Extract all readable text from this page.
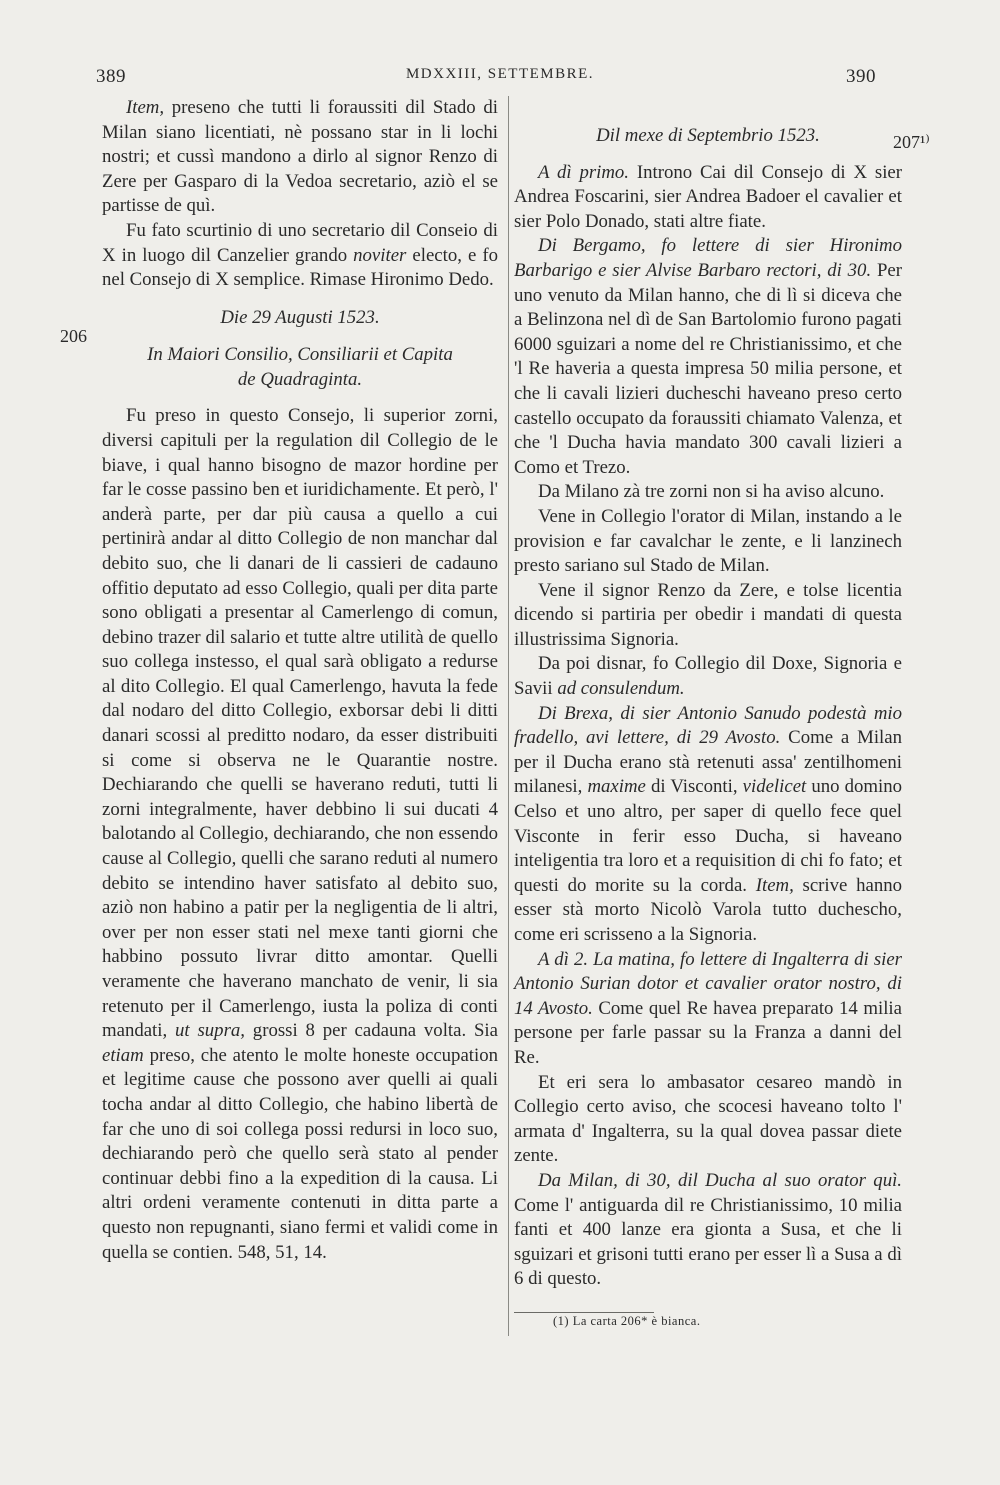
389	MDXXIII, SETTEMBRE.	390
206
207¹⁾

Item, preseno che tutti li foraussiti dil Stado di Milan siano licentiati, nè possano star in li lochi nostri; et cussì mandono a dirlo al signor Renzo di Zere per Gasparo di la Vedoa secretario, aziò el se partisse de quì.

Fu fato scurtinio di uno secretario dil Conseio di X in luogo dil Canzelier grando noviter electo, e fo nel Consejo di X semplice. Rimase Hironimo Dedo.

Die 29 Augusti 1523.

In Maiori Consilio, Consiliarii et Capita
de Quadraginta.

Fu preso in questo Consejo, li superior zorni, diversi capituli per la regulation dil Collegio de le biave, i qual hanno bisogno de mazor hordine per far le cosse passino ben et iuridichamente. Et però, l' anderà parte, per dar più causa a quello a cui pertinirà andar al ditto Collegio de non manchar dal debito suo, che li danari de li cassieri de cadauno offitio deputato ad esso Collegio, quali per dita parte sono obligati a presentar al Camerlengo di comun, debino trazer dil salario et tutte altre utilità de quello suo collega instesso, el qual sarà obligato a redurse al dito Collegio. El qual Camerlengo, havuta la fede dal nodaro del ditto Collegio, exborsar debi li ditti danari scossi al preditto nodaro, da esser distribuiti si come si observa ne le Quarantie nostre. Dechiarando che quelli se haverano reduti, tutti li zorni integralmente, haver debbino li sui ducati 4 balotando al Collegio, dechiarando, che non essendo cause al Collegio, quelli che sarano reduti al numero debito se intendino haver satisfato al debito suo, aziò non habino a patir per la negligentia de li altri, over per non esser stati nel mexe tanti giorni che habbino possuto livrar ditto amontar. Quelli veramente che haverano manchato de venir, li sia retenuto per il Camerlengo, iusta la poliza di conti mandati, ut supra, grossi 8 per cadauna volta. Sia etiam preso, che atento le molte honeste occupation et legitime cause che possono aver quelli ai quali tocha andar al ditto Collegio, che habino libertà de far che uno di soi collega possi redursi in loco suo, dechiarando però che quello serà stato al pender continuar debbi fino a la expedition di la causa. Li altri ordeni veramente contenuti in ditta parte a questo non repugnanti, siano fermi et validi come in quella se contien. 548, 51, 14.

Dil mexe di Septembrio 1523.

A dì primo. Introno Cai dil Consejo di X sier Andrea Foscarini, sier Andrea Badoer el cavalier et sier Polo Donado, stati altre fiate.

Di Bergamo, fo lettere di sier Hironimo Barbarigo e sier Alvise Barbaro rectori, di 30. Per uno venuto da Milan hanno, che di lì si diceva che a Belinzona nel dì de San Bartolomio furono pagati 6000 sguizari a nome del re Christianissimo, et che 'l Re haveria a questa impresa 50 milia persone, et che li cavali lizieri ducheschi haveano preso certo castello occupato da foraussiti chiamato Valenza, et che 'l Ducha havia mandato 300 cavali lizieri a Como et Trezo.

Da Milano zà tre zorni non si ha aviso alcuno.

Vene in Collegio l'orator di Milan, instando a le provision e far cavalchar le zente, e li lanzinech presto sariano sul Stado de Milan.

Vene il signor Renzo da Zere, e tolse licentia dicendo si partiria per obedir i mandati di questa illustrissima Signoria.

Da poi disnar, fo Collegio dil Doxe, Signoria e Savii ad consulendum.

Di Brexa, di sier Antonio Sanudo podestà mio fradello, avi lettere, di 29 Avosto. Come a Milan per il Ducha erano stà retenuti assa' zentilhomeni milanesi, maxime di Visconti, videlicet uno domino Celso et uno altro, per saper di quello fece quel Visconte in ferir esso Ducha, si haveano inteligentia tra loro et a requisition di chi fo fato; et questi do morite su la corda. Item, scrive hanno esser stà morto Nicolò Varola tutto duchescho, come eri scrisseno a la Signoria.

A dì 2. La matina, fo lettere di Ingalterra di sier Antonio Surian dotor et cavalier orator nostro, di 14 Avosto. Come quel Re havea preparato 14 milia persone per farle passar su la Franza a danni del Re.

Et eri sera lo ambasator cesareo mandò in Collegio certo aviso, che scocesi haveano tolto l' armata d' Ingalterra, su la qual dovea passar diete zente.

Da Milan, di 30, dil Ducha al suo orator quì. Come l' antiguarda dil re Christianissimo, 10 milia fanti et 400 lanze era gionta a Susa, et che li sguizari et grisoni tutti erano per esser lì a Susa a dì 6 di questo.

(1) La carta 206* è bianca.
